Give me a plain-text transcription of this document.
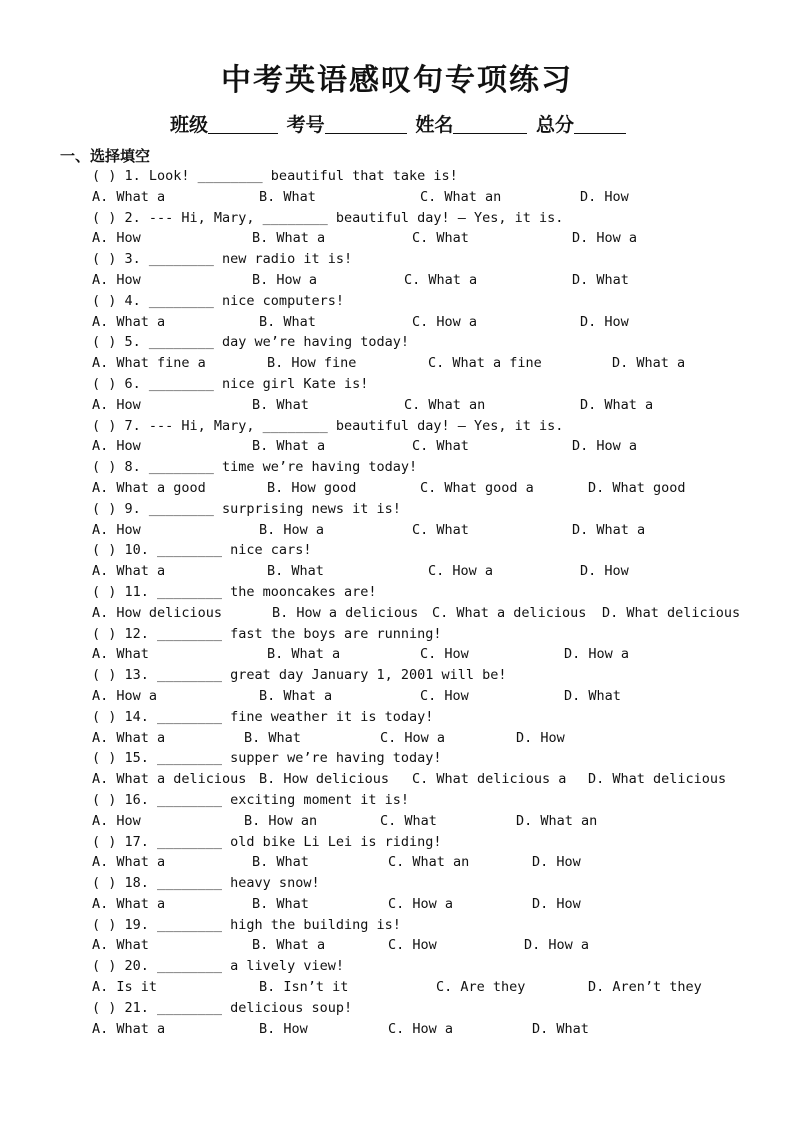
中考英语感叹句专项练习
班级	考号	姓名	总分
一、选择填空
( ) 1. Look! ________ beautiful that take is!
A. What a	B. What	C. What an	D. How
( ) 2. --- Hi, Mary, ________ beautiful day! – Yes, it is.
A. How	B. What a	C. What	D. How a
( ) 3. ________ new radio it is!
A. How	B. How a	C. What a	D. What
( ) 4. ________ nice computers!
A. What a	B. What	C. How a	D. How
( ) 5. ________ day we’re having today!
A. What fine a	B. How fine	C. What a fine	D. What a
( ) 6. ________ nice girl Kate is!
A. How	B. What	C. What an	D. What a
( ) 7. --- Hi, Mary, ________ beautiful day! – Yes, it is.
A. How	B. What a	C. What	D. How a
( ) 8. ________ time we’re having today!
A. What a good	B. How good	C. What good a	D. What good
( ) 9. ________ surprising news it is!
A. How	B. How a	C. What	D. What a
( ) 10. ________ nice cars!
A. What a	B. What	C. How a	D. How
( ) 11. ________ the mooncakes are!
A. How delicious	B. How a delicious C. What a delicious D. What delicious
( ) 12. ________ fast the boys are running!
A. What	B. What a	C. How	D. How a
( ) 13. ________ great day January 1, 2001 will be!
A. How a	B. What a	C. How	D. What
( ) 14. ________ fine weather it is today!
A. What a	B. What	C. How a	D. How
( ) 15. ________ supper we’re having today!
A. What a delicious B. How delicious C. What delicious a D. What delicious
( ) 16. ________ exciting moment it is!
A. How	B. How an	C. What	D. What an
( ) 17. ________ old bike Li Lei is riding!
A. What a	B. What	C. What an	D. How
( ) 18. ________ heavy snow!
A. What a	B. What	C. How a	D. How
( ) 19. ________ high the building is!
A. What	B. What a	C. How	D. How a
( ) 20. ________ a lively view!
A. Is it	B. Isn’t it	C. Are they	D. Aren’t they
( ) 21. ________ delicious soup!
A. What a	B. How	C. How a	D. What
